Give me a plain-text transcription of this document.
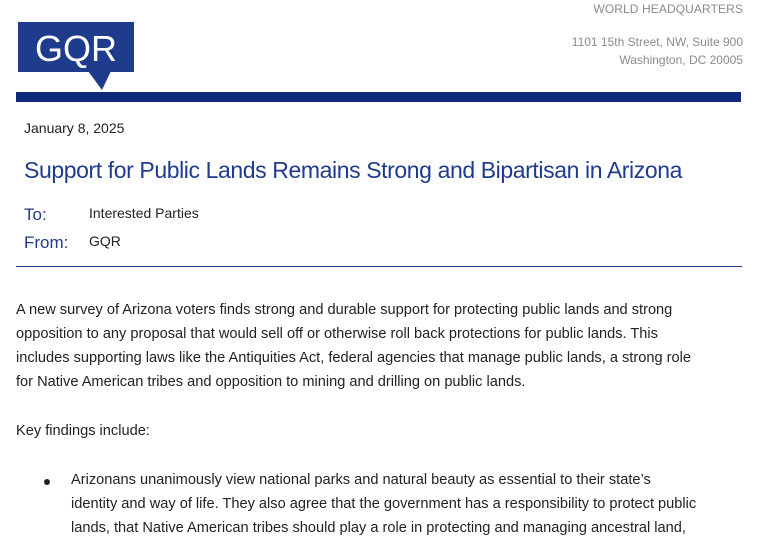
GQR
WORLD HEADQUARTERS
1101 15th Street, NW, Suite 900
Washington, DC 20005
January 8, 2025
Support for Public Lands Remains Strong and Bipartisan in Arizona
To:	Interested Parties
From: GQR
A new survey of Arizona voters finds strong and durable support for protecting public lands and strong
opposition to any proposal that would sell off or otherwise roll back protections for public lands. This
includes supporting laws like the Antiquities Act, federal agencies that manage public lands, a strong role
for Native American tribes and opposition to mining and drilling on public lands.
Key findings include:
Arizonans unanimously view national parks and natural beauty as essential to their state’s
identity and way of life. They also agree that the government has a responsibility to protect public
lands, that Native American tribes should play a role in protecting and managing ancestral land,
